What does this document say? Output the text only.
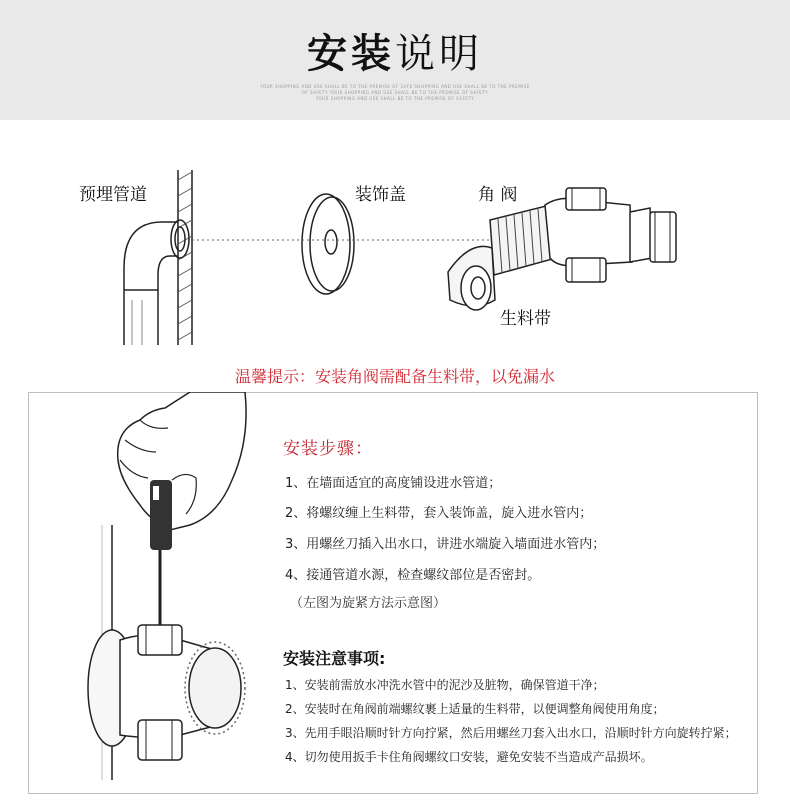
安装说明
YOUR SHOPPING AND USE SHALL BE TO THE PREMISE OF SAFE SHOPPING AND USE SHALL BE TO THE PREMISE
OF SAFETY YOUR SHOPPING AND USE SHALL BE TO THE PREMISE OF SAFETY
YOUR SHOPPING AND USE SHALL BE TO THE PREMISE OF SAFETY
预埋管道	装饰盖	角 阀
生料带
温馨提示：安装角阀需配备生料带，以免漏水
安装步骤：
1、在墙面适宜的高度铺设进水管道；
2、将螺纹缠上生料带，套入装饰盖，旋入进水管内；
3、用螺丝刀插入出水口，讲进水端旋入墙面进水管内；
4、接通管道水源，检查螺纹部位是否密封。
（左图为旋紧方法示意图）
安装注意事项:
1、安装前需放水冲洗水管中的泥沙及脏物，确保管道干净；
2、安装时在角阀前端螺纹裹上适量的生料带，以便调整角阀使用角度；
3、先用手眼沿顺时针方向拧紧，然后用螺丝刀套入出水口，沿顺时针方向旋转拧紧；
4、切勿使用扳手卡住角阀螺纹口安装，避免安装不当造成产品损坏。
